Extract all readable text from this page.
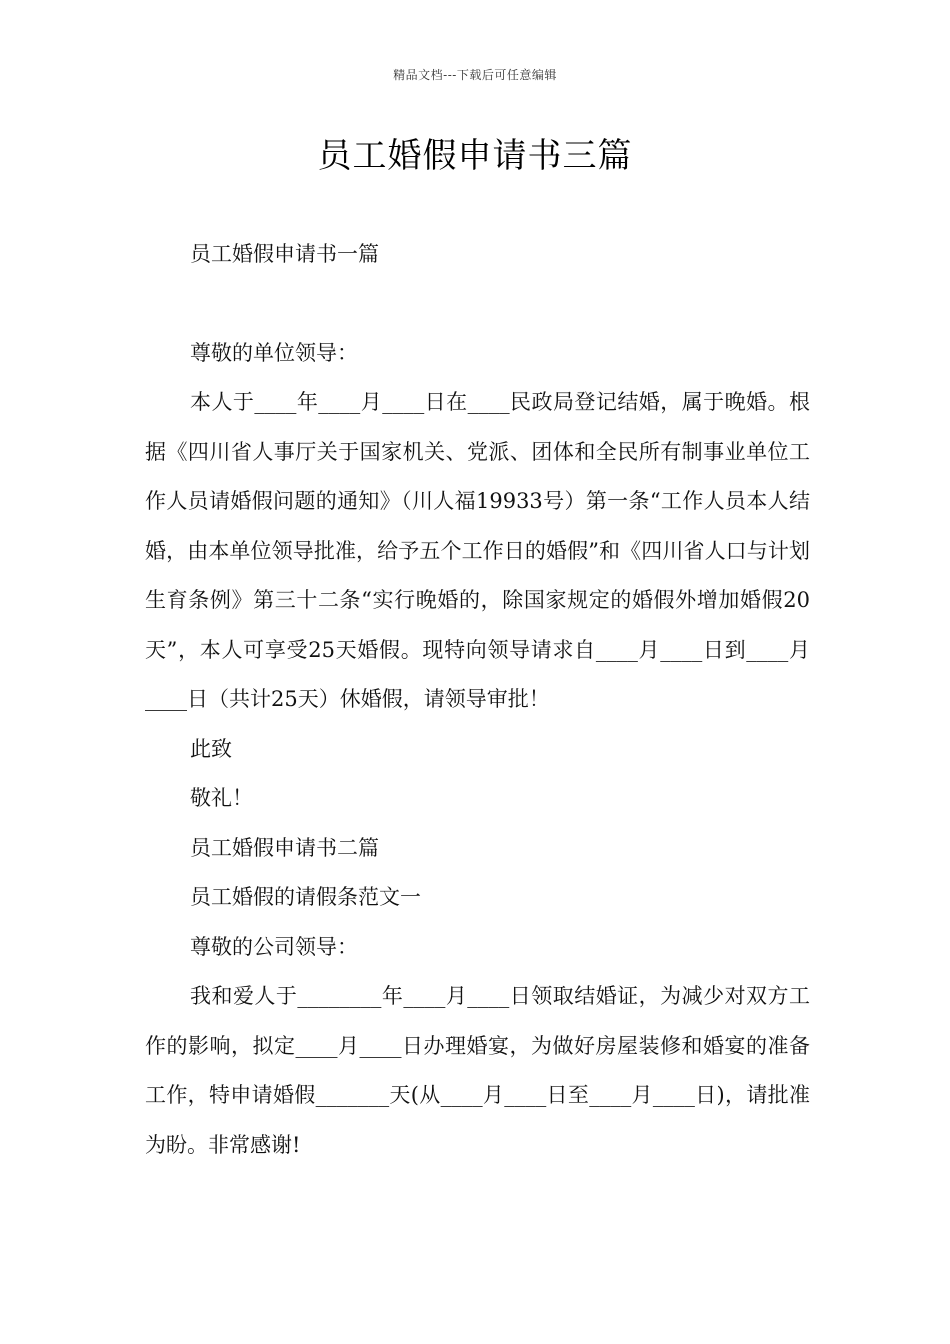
精品文档---下载后可任意编辑
员工婚假申请书三篇

员工婚假申请书一篇

尊敬的单位领导：

本人于____年____月____日在____民政局登记结婚，属于晚婚。根据《四川省人事厅关于国家机关、党派、团体和全民所有制事业单位工作人员请婚假问题的通知》（川人福19933号）第一条“工作人员本人结婚，由本单位领导批准，给予五个工作日的婚假”和《四川省人口与计划生育条例》第三十二条“实行晚婚的，除国家规定的婚假外增加婚假20天”，本人可享受25天婚假。现特向领导请求自____月____日到____月____日（共计25天）休婚假，请领导审批！

此致

敬礼！

员工婚假申请书二篇

员工婚假的请假条范文一

尊敬的公司领导：

我和爱人于________年____月____日领取结婚证，为减少对双方工作的影响，拟定____月____日办理婚宴，为做好房屋装修和婚宴的准备工作，特申请婚假_______天(从____月____日至____月____日)，请批准为盼。非常感谢!
